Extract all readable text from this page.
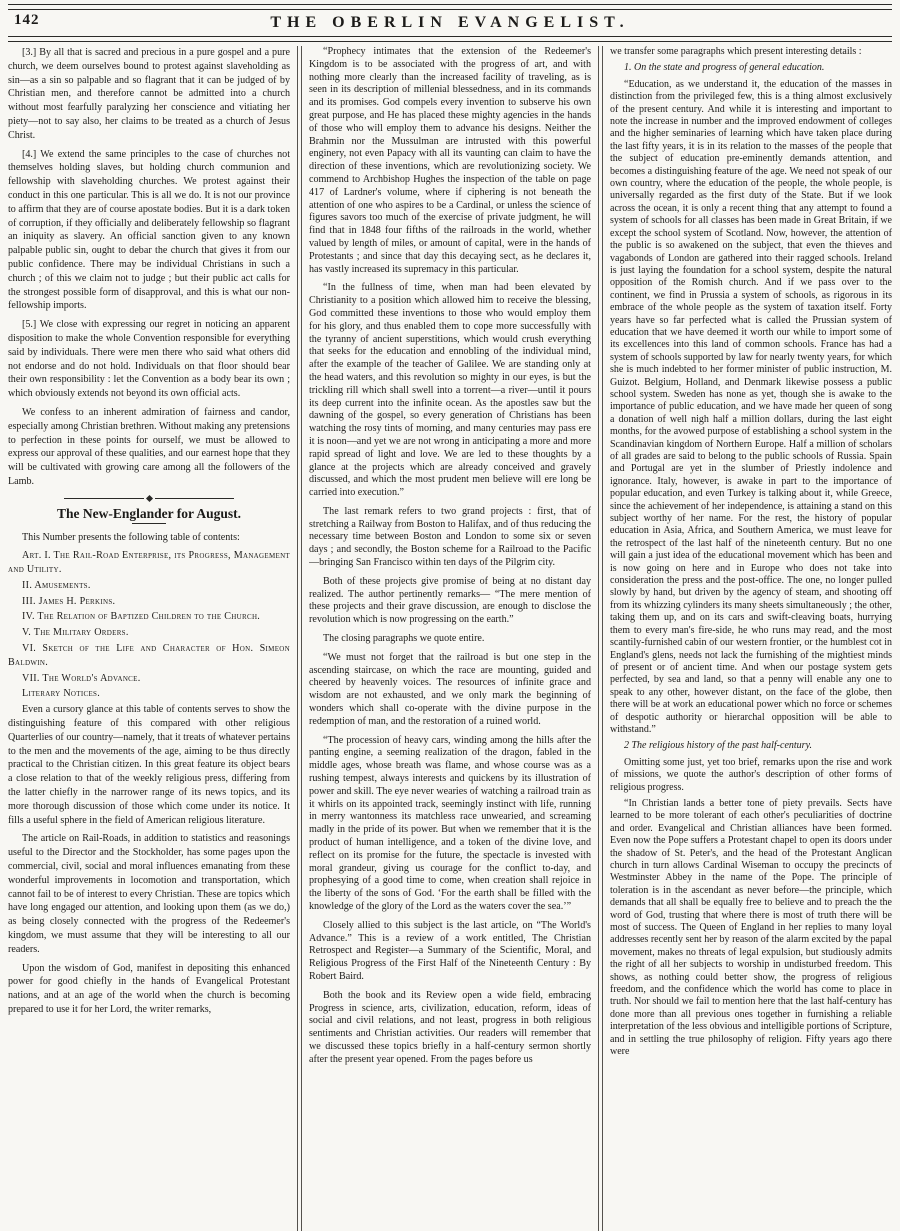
142	THE OBERLIN EVANGELIST.

[3.] By all that is sacred and precious in a pure gospel and a pure church, we deem ourselves bound to protest against slaveholding as sin—as a sin so palpable and so flagrant that it can be judged of by Christian men, and therefore cannot be admitted into a church without most fearfully paralyzing her conscience and vitiating her piety—not to say also, her claims to be treated as a church of Jesus Christ.

[4.] We extend the same principles to the case of churches not themselves holding slaves, but holding church communion and fellowship with slaveholding churches. We protest against their conduct in this one particular. This is all we do. It is not our province to affirm that they are of course apostate bodies. But it is a dark token of corruption, if they officially and deliberately fellowship so flagrant an iniquity as slavery. An official sanction given to any known palpable public sin, ought to debar the church that gives it from our public confidence. There may be individual Christians in such a church ; of this we claim not to judge ; but their public act calls for the strongest possible form of disapproval, and this is what our non-fellowship imports.

[5.] We close with expressing our regret in noticing an apparent disposition to make the whole Convention responsible for everything said by individuals. There were men there who said what others did not endorse and do not hold. Individuals on that floor should bear their own responsibility : let the Convention as a body bear its own ; which obviously extends not beyond its own official acts.

We confess to an inherent admiration of fairness and candor, especially among Christian brethren. Without making any pretensions to perfection in these points for ourself, we must be allowed to express our approval of these qualities, and our earnest hope that they will be cultivated with growing care among all the followers of the Lamb.

The New-Englander for August.

This Number presents the following table of contents:

Art. I. The Rail-Road Enterprise, its Progress, Management and Utility.

II. Amusements.

III. James H. Perkins.

IV. The Relation of Baptized Children to the Church.

V. The Military Orders.

VI. Sketch of the Life and Character of Hon. Simeon Baldwin.

VII. The World's Advance.

Literary Notices.

Even a cursory glance at this table of contents serves to show the distinguishing feature of this compared with other religious Quarterlies of our country—namely, that it treats of whatever pertains to the men and the movements of the age, aiming to be thus directly practical to the Christian citizen. In this great feature its object bears a close relation to that of the weekly religious press, differing from the latter chiefly in the narrower range of its news topics, and its more thorough discussion of those which come under its notice. It fills a useful sphere in the field of American religious literature.

The article on Rail-Roads, in addition to statistics and reasonings useful to the Director and the Stockholder, has some pages upon the commercial, civil, social and moral influences emanating from these wonderful improvements in locomotion and transportation, which cannot fail to be of interest to every Christian. These are topics which have long engaged our attention, and looking upon them (as we do,) as being closely connected with the progress of the Redeemer's kingdom, we must assume that they will be interesting to all our readers.

Upon the wisdom of God, manifest in depositing this enhanced power for good chiefly in the hands of Evangelical Protestant nations, and at an age of the world when the church is becoming prepared to use it for her Lord, the writer remarks,

“Prophecy intimates that the extension of the Redeemer's Kingdom is to be associated with the progress of art, and with nothing more clearly than the increased facility of traveling, as is seen in its description of millenial blessedness, and in its commands and its promises. God compels every invention to subserve his own great purpose, and He has placed these mighty agencies in the hands of those who will employ them to advance his designs. Neither the Brahmin nor the Mussulman are intrusted with this powerful enginery, not even Papacy with all its vaunting can claim to have the direction of these inventions, which are revolutionizing society. We commend to Archbishop Hughes the inspection of the table on page 417 of Lardner's volume, where if ciphering is not beneath the attention of one who aspires to be a Cardinal, or unless the science of figures savors too much of the exercise of private judgment, he will find that in 1848 four fifths of the railroads in the world, whether valued by length of miles, or amount of capital, were in the hands of Protestants ; and since that day this decaying sect, as he declares it, has vastly increased its supremacy in this particular.

“In the fullness of time, when man had been elevated by Christianity to a position which allowed him to receive the blessing, God committed these inventions to those who would employ them for his glory, and thus enabled them to cope more successfully with the tyranny of ancient superstitions, which would crush everything that seeks for the education and ennobling of the individual mind, after the example of the teacher of Galilee. We are standing only at the head waters, and this revolution so mighty in our eyes, is but the trickling rill which shall swell into a torrent—a river—until it pours its deep current into the infinite ocean. As the apostles saw but the dawning of the gospel, so every generation of Christians has been watching the rosy tints of morning, and many centuries may pass ere it is noon—and yet we are not wrong in anticipating a more and more rapid spread of light and love. We are led to these thoughts by a glance at the projects which are already conceived and gravely discussed, and which the most prudent men believe will ere long be carried into execution.”

The last remark refers to two grand projects : first, that of stretching a Railway from Boston to Halifax, and of thus reducing the necessary time between Boston and London to some six or seven days ; and secondly, the Boston scheme for a Railroad to the Pacific—bringing San Francisco within ten days of the Pilgrim city.

Both of these projects give promise of being at no distant day realized. The author pertinently remarks— “The mere mention of these projects and their grave discussion, are enough to disclose the revolution which is now progressing on the earth.”

The closing paragraphs we quote entire.

“We must not forget that the railroad is but one step in the ascending staircase, on which the race are mounting, guided and cheered by heavenly voices. The resources of infinite grace and wisdom are not exhausted, and we only mark the beginning of wonders which shall co-operate with the divine purpose in the redemption of man, and the restoration of a ruined world.

“The procession of heavy cars, winding among the hills after the panting engine, a seeming realization of the dragon, fabled in the middle ages, whose breath was flame, and whose course was as a rushing tempest, always interests and quickens by its illustration of power and skill. The eye never wearies of watching a railroad train as it whirls on its appointed track, seemingly instinct with life, running in merry wantonness its matchless race unwearied, and screaming madly in the pride of its power. But when we remember that it is the product of human intelligence, and a token of the divine love, and reflect on its promise for the future, the spectacle is invested with moral grandeur, giving us courage for the conflict to-day, and prophesying of a good time to come, when creation shall rejoice in the liberty of the sons of God. ‘For the earth shall be filled with the knowledge of the glory of the Lord as the waters cover the sea.’”

Closely allied to this subject is the last article, on “The World's Advance.” This is a review of a work entitled, The Christian Retrospect and Register—a Summary of the Scientific, Moral, and Religious Progress of the First Half of the Nineteenth Century : By Robert Baird.

Both the book and its Review open a wide field, embracing Progress in science, arts, civilization, education, reform, ideas of social and civil relations, and not least, progress in both religious sentiments and Christian activities. Our readers will remember that we discussed these topics briefly in a half-century sermon shortly after the present year opened. From the pages before us

we transfer some paragraphs which present interesting details :

1. On the state and progress of general education.

“Education, as we understand it, the education of the masses in distinction from the privileged few, this is a thing almost exclusively of the present century. And while it is interesting and important to note the increase in number and the improved endowment of colleges and the higher seminaries of learning which have taken place during the last fifty years, it is in its relation to the masses of the people that the subject of education pre-eminently demands attention, and becomes a distinguishing feature of the age. We need not speak of our own country, where the education of the people, the whole people, is universally regarded as the first duty of the State. But if we look across the ocean, it is only a recent thing that any attempt to found a system of schools for all classes has been made in Great Britain, if we except the school system of Scotland. Now, however, the attention of the public is so awakened on the subject, that even the thieves and vagabonds of London are gathered into their ragged schools. Ireland is just laying the foundation for a school system, despite the natural opposition of the Romish church. And if we pass over to the continent, we find in Prussia a system of schools, as rigorous in its embrace of the whole people as the system of taxation itself. Forty years have so far perfected what is called the Prussian system of education that we have deemed it worth our while to import some of its excellences into this land of common schools. France has had a system of schools supported by law for nearly twenty years, for which she is much indebted to her former minister of public instruction, M. Guizot. Belgium, Holland, and Denmark likewise possess a public school system. Sweden has none as yet, though she is awake to the importance of public education, and we have made her queen of song a donation of well nigh half a million dollars, during the last eight months, for the avowed purpose of establishing a school system in the Scandinavian kingdom of Northern Europe. Half a million of scholars of all grades are said to belong to the public schools of Russia. Spain and Portugal are yet in the slumber of Priestly indolence and ignorance. Italy, however, is awake in part to the importance of popular education, and even Turkey is talking about it, while Greece, since the achievement of her independence, is attaining a stand on this subject worthy of her name. For the rest, the history of popular education in Asia, Africa, and Southern America, we must leave for the retrospect of the last half of the nineteenth century. But no one will gain a just idea of the educational movement which has been and is now going on here and in Europe who does not take into consideration the press and the post-office. The one, no longer pulled slowly by hand, but driven by the agency of steam, and shooting off from its whizzing cylinders its many sheets simultaneously ; the other, taking them up, and on its cars and swift-cleaving boats, hurrying them to every man's fire-side, he who runs may read, and the most scantily-furnished cabin of our western frontier, or the humblest cot in England's glens, needs not lack the furnishing of the mightiest minds of present or of ancient time. And when our postage system gets perfected, by sea and land, so that a penny will enable any one to speak to any other, however distant, on the face of the globe, then there will be at work an educational power which no force or schemes of despotic authority or hierarchal opposition will be able to withstand.”

2 The religious history of the past half-century.

Omitting some just, yet too brief, remarks upon the rise and work of missions, we quote the author's description of other forms of religious progress.

“In Christian lands a better tone of piety prevails. Sects have learned to be more tolerant of each other's peculiarities of doctrine and order. Evangelical and Christian alliances have been formed. Even now the Pope suffers a Protestant chapel to open its doors under the shadow of St. Peter's, and the head of the Protestant Anglican church in turn allows Cardinal Wiseman to occupy the precincts of Westminster Abbey in the name of the Pope. The principle of toleration is in the ascendant as never before—the principle, which demands that all shall be equally free to believe and to preach the the word of God, trusting that where there is most of truth there will be most of success. The Queen of England in her replies to many loyal addresses recently sent her by reason of the alarm excited by the papal movement, makes no threats of legal expulsion, but studiously admits the right of all her subjects to worship in undisturbed freedom. This shows, as nothing could better show, the progress of religious freedom, and the confidence which the world has come to place in truth. Nor should we fail to mention here that the last half-century has done more than all previous ones together in furnishing a reliable interpretation of the less obvious and intelligible portions of Scripture, and in settling the true philosophy of religion. Fifty years ago there were
